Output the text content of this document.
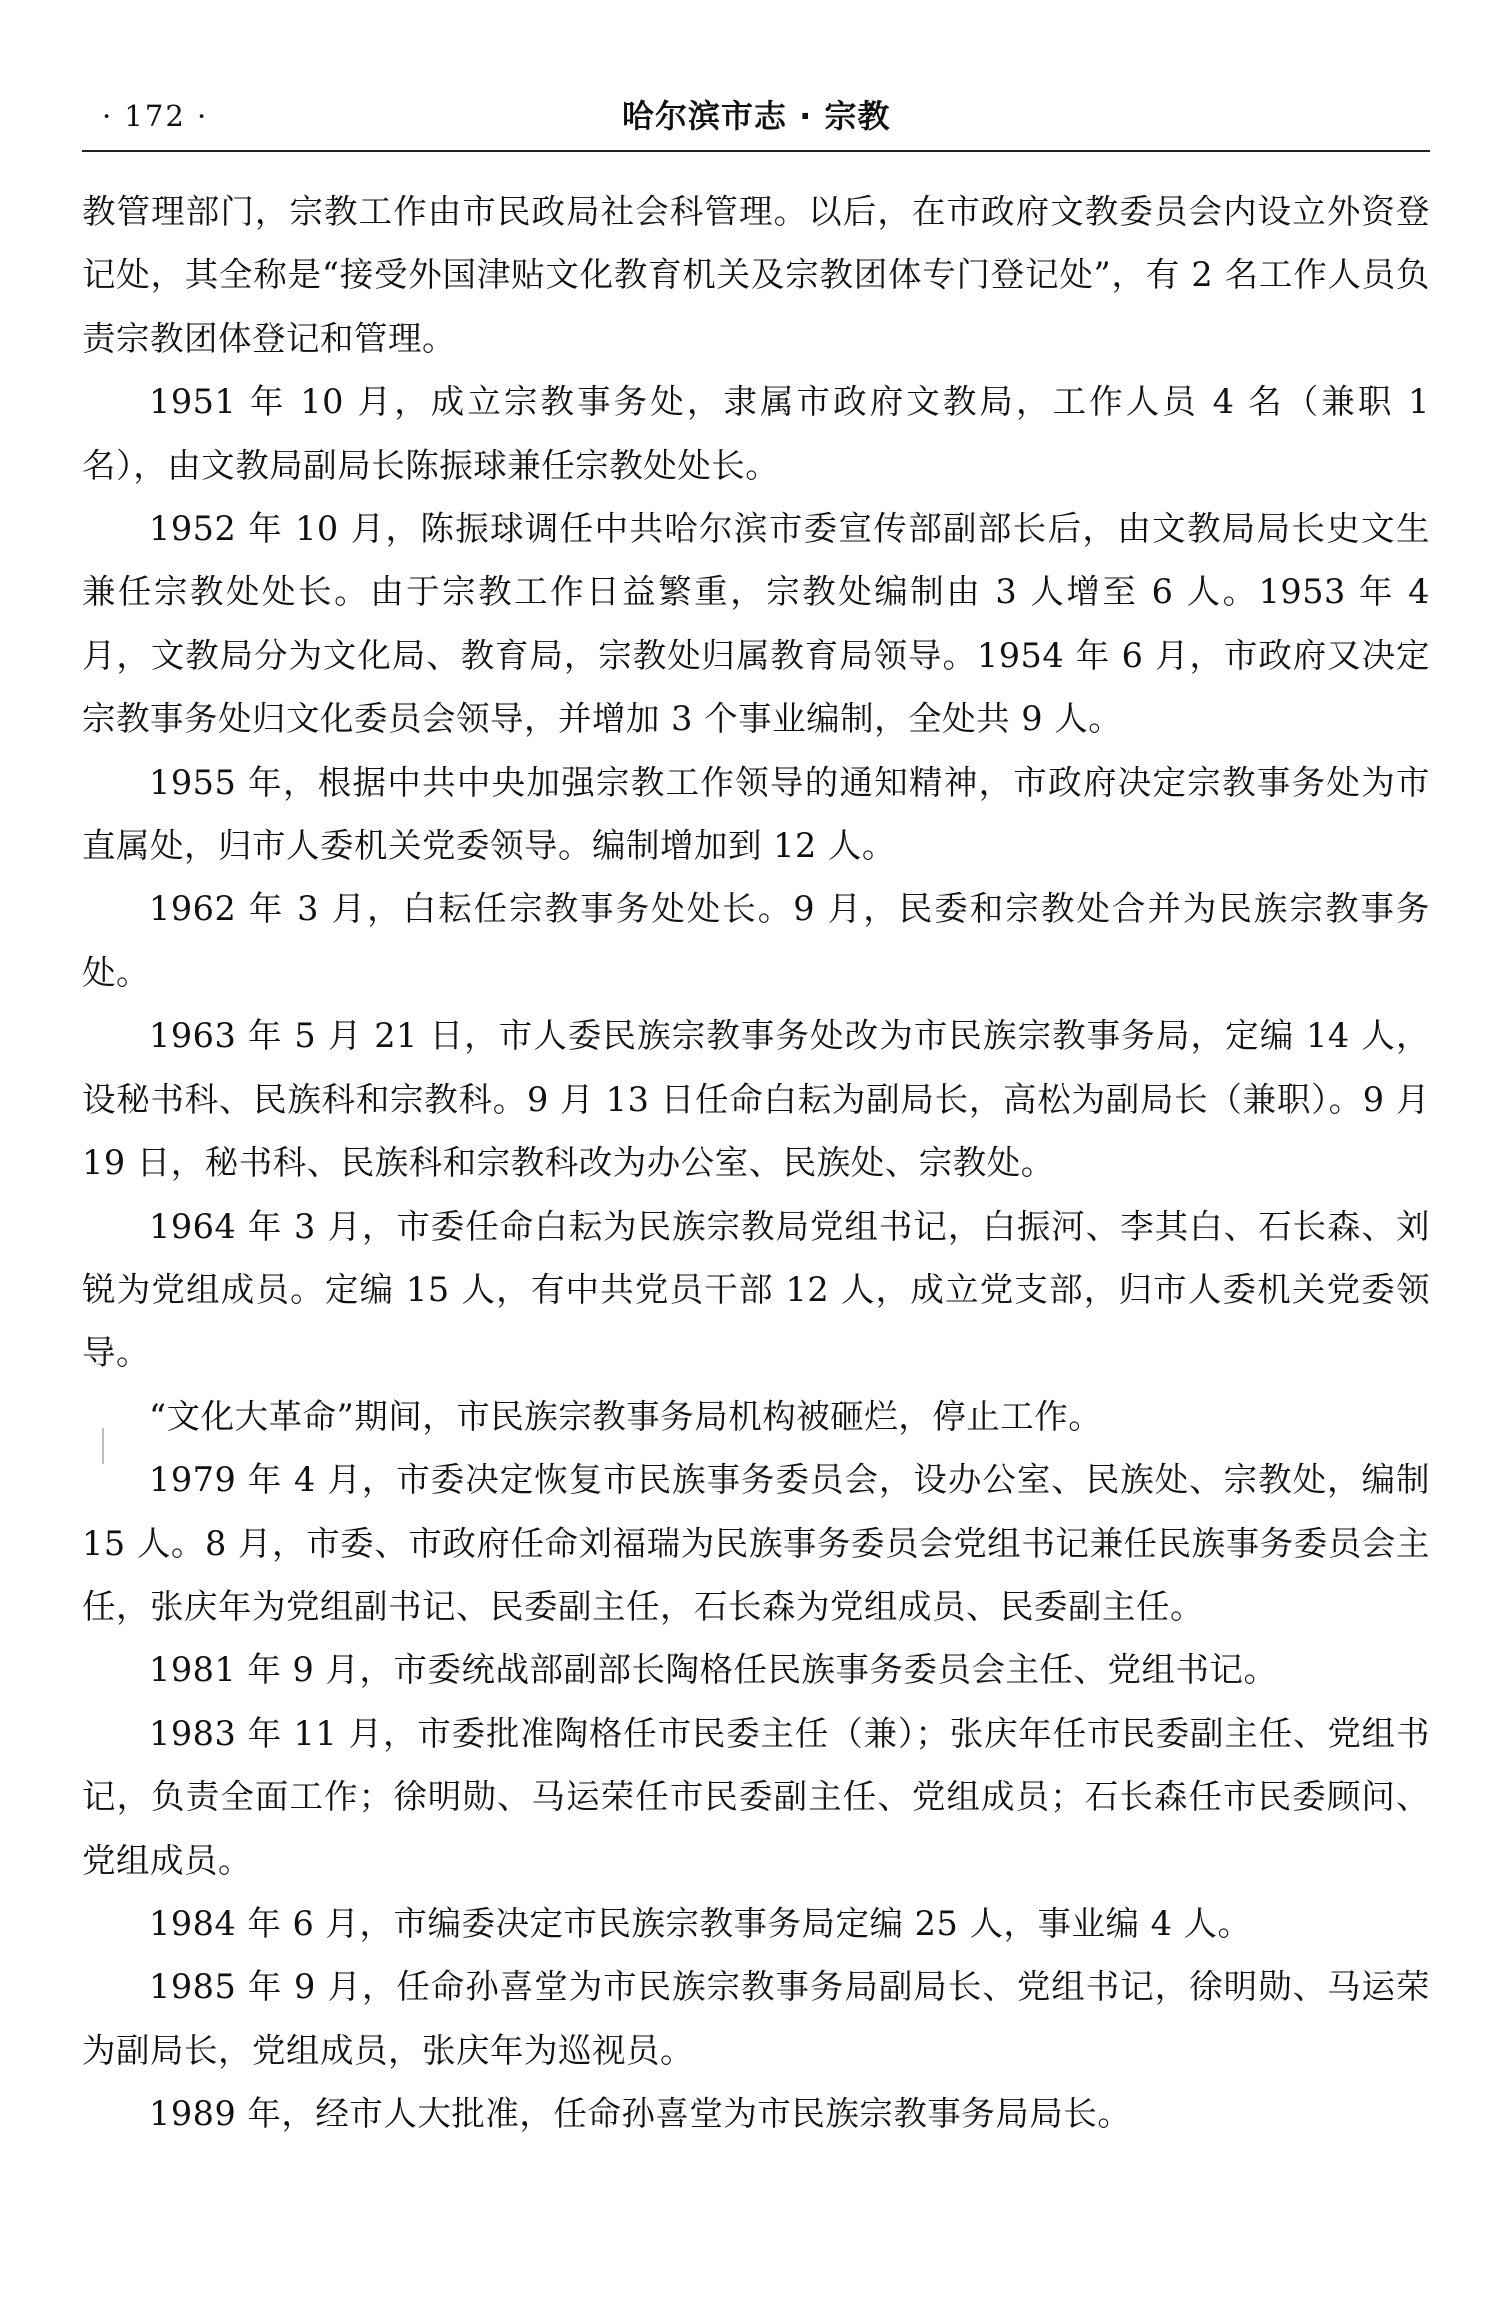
· 172 ·	哈尔滨市志 · 宗教

教管理部门，宗教工作由市民政局社会科管理。以后，在市政府文教委员会内设立外资登记处，其全称是“接受外国津贴文化教育机关及宗教团体专门登记处”，有 2 名工作人员负责宗教团体登记和管理。

1951 年 10 月，成立宗教事务处，隶属市政府文教局，工作人员 4 名（兼职 1 名），由文教局副局长陈振球兼任宗教处处长。

1952 年 10 月，陈振球调任中共哈尔滨市委宣传部副部长后，由文教局局长史文生兼任宗教处处长。由于宗教工作日益繁重，宗教处编制由 3 人增至 6 人。1953 年 4 月，文教局分为文化局、教育局，宗教处归属教育局领导。1954 年 6 月，市政府又决定宗教事务处归文化委员会领导，并增加 3 个事业编制，全处共 9 人。

1955 年，根据中共中央加强宗教工作领导的通知精神，市政府决定宗教事务处为市直属处，归市人委机关党委领导。编制增加到 12 人。

1962 年 3 月，白耘任宗教事务处处长。9 月，民委和宗教处合并为民族宗教事务处。

1963 年 5 月 21 日，市人委民族宗教事务处改为市民族宗教事务局，定编 14 人，设秘书科、民族科和宗教科。9 月 13 日任命白耘为副局长，高松为副局长（兼职）。9 月 19 日，秘书科、民族科和宗教科改为办公室、民族处、宗教处。

1964 年 3 月，市委任命白耘为民族宗教局党组书记，白振河、李其白、石长森、刘锐为党组成员。定编 15 人，有中共党员干部 12 人，成立党支部，归市人委机关党委领导。

“文化大革命”期间，市民族宗教事务局机构被砸烂，停止工作。

1979 年 4 月，市委决定恢复市民族事务委员会，设办公室、民族处、宗教处，编制 15 人。8 月，市委、市政府任命刘福瑞为民族事务委员会党组书记兼任民族事务委员会主任，张庆年为党组副书记、民委副主任，石长森为党组成员、民委副主任。

1981 年 9 月，市委统战部副部长陶格任民族事务委员会主任、党组书记。

1983 年 11 月，市委批准陶格任市民委主任（兼）；张庆年任市民委副主任、党组书记，负责全面工作；徐明勋、马运荣任市民委副主任、党组成员；石长森任市民委顾问、党组成员。

1984 年 6 月，市编委决定市民族宗教事务局定编 25 人，事业编 4 人。

1985 年 9 月，任命孙喜堂为市民族宗教事务局副局长、党组书记，徐明勋、马运荣为副局长，党组成员，张庆年为巡视员。

1989 年，经市人大批准，任命孙喜堂为市民族宗教事务局局长。
